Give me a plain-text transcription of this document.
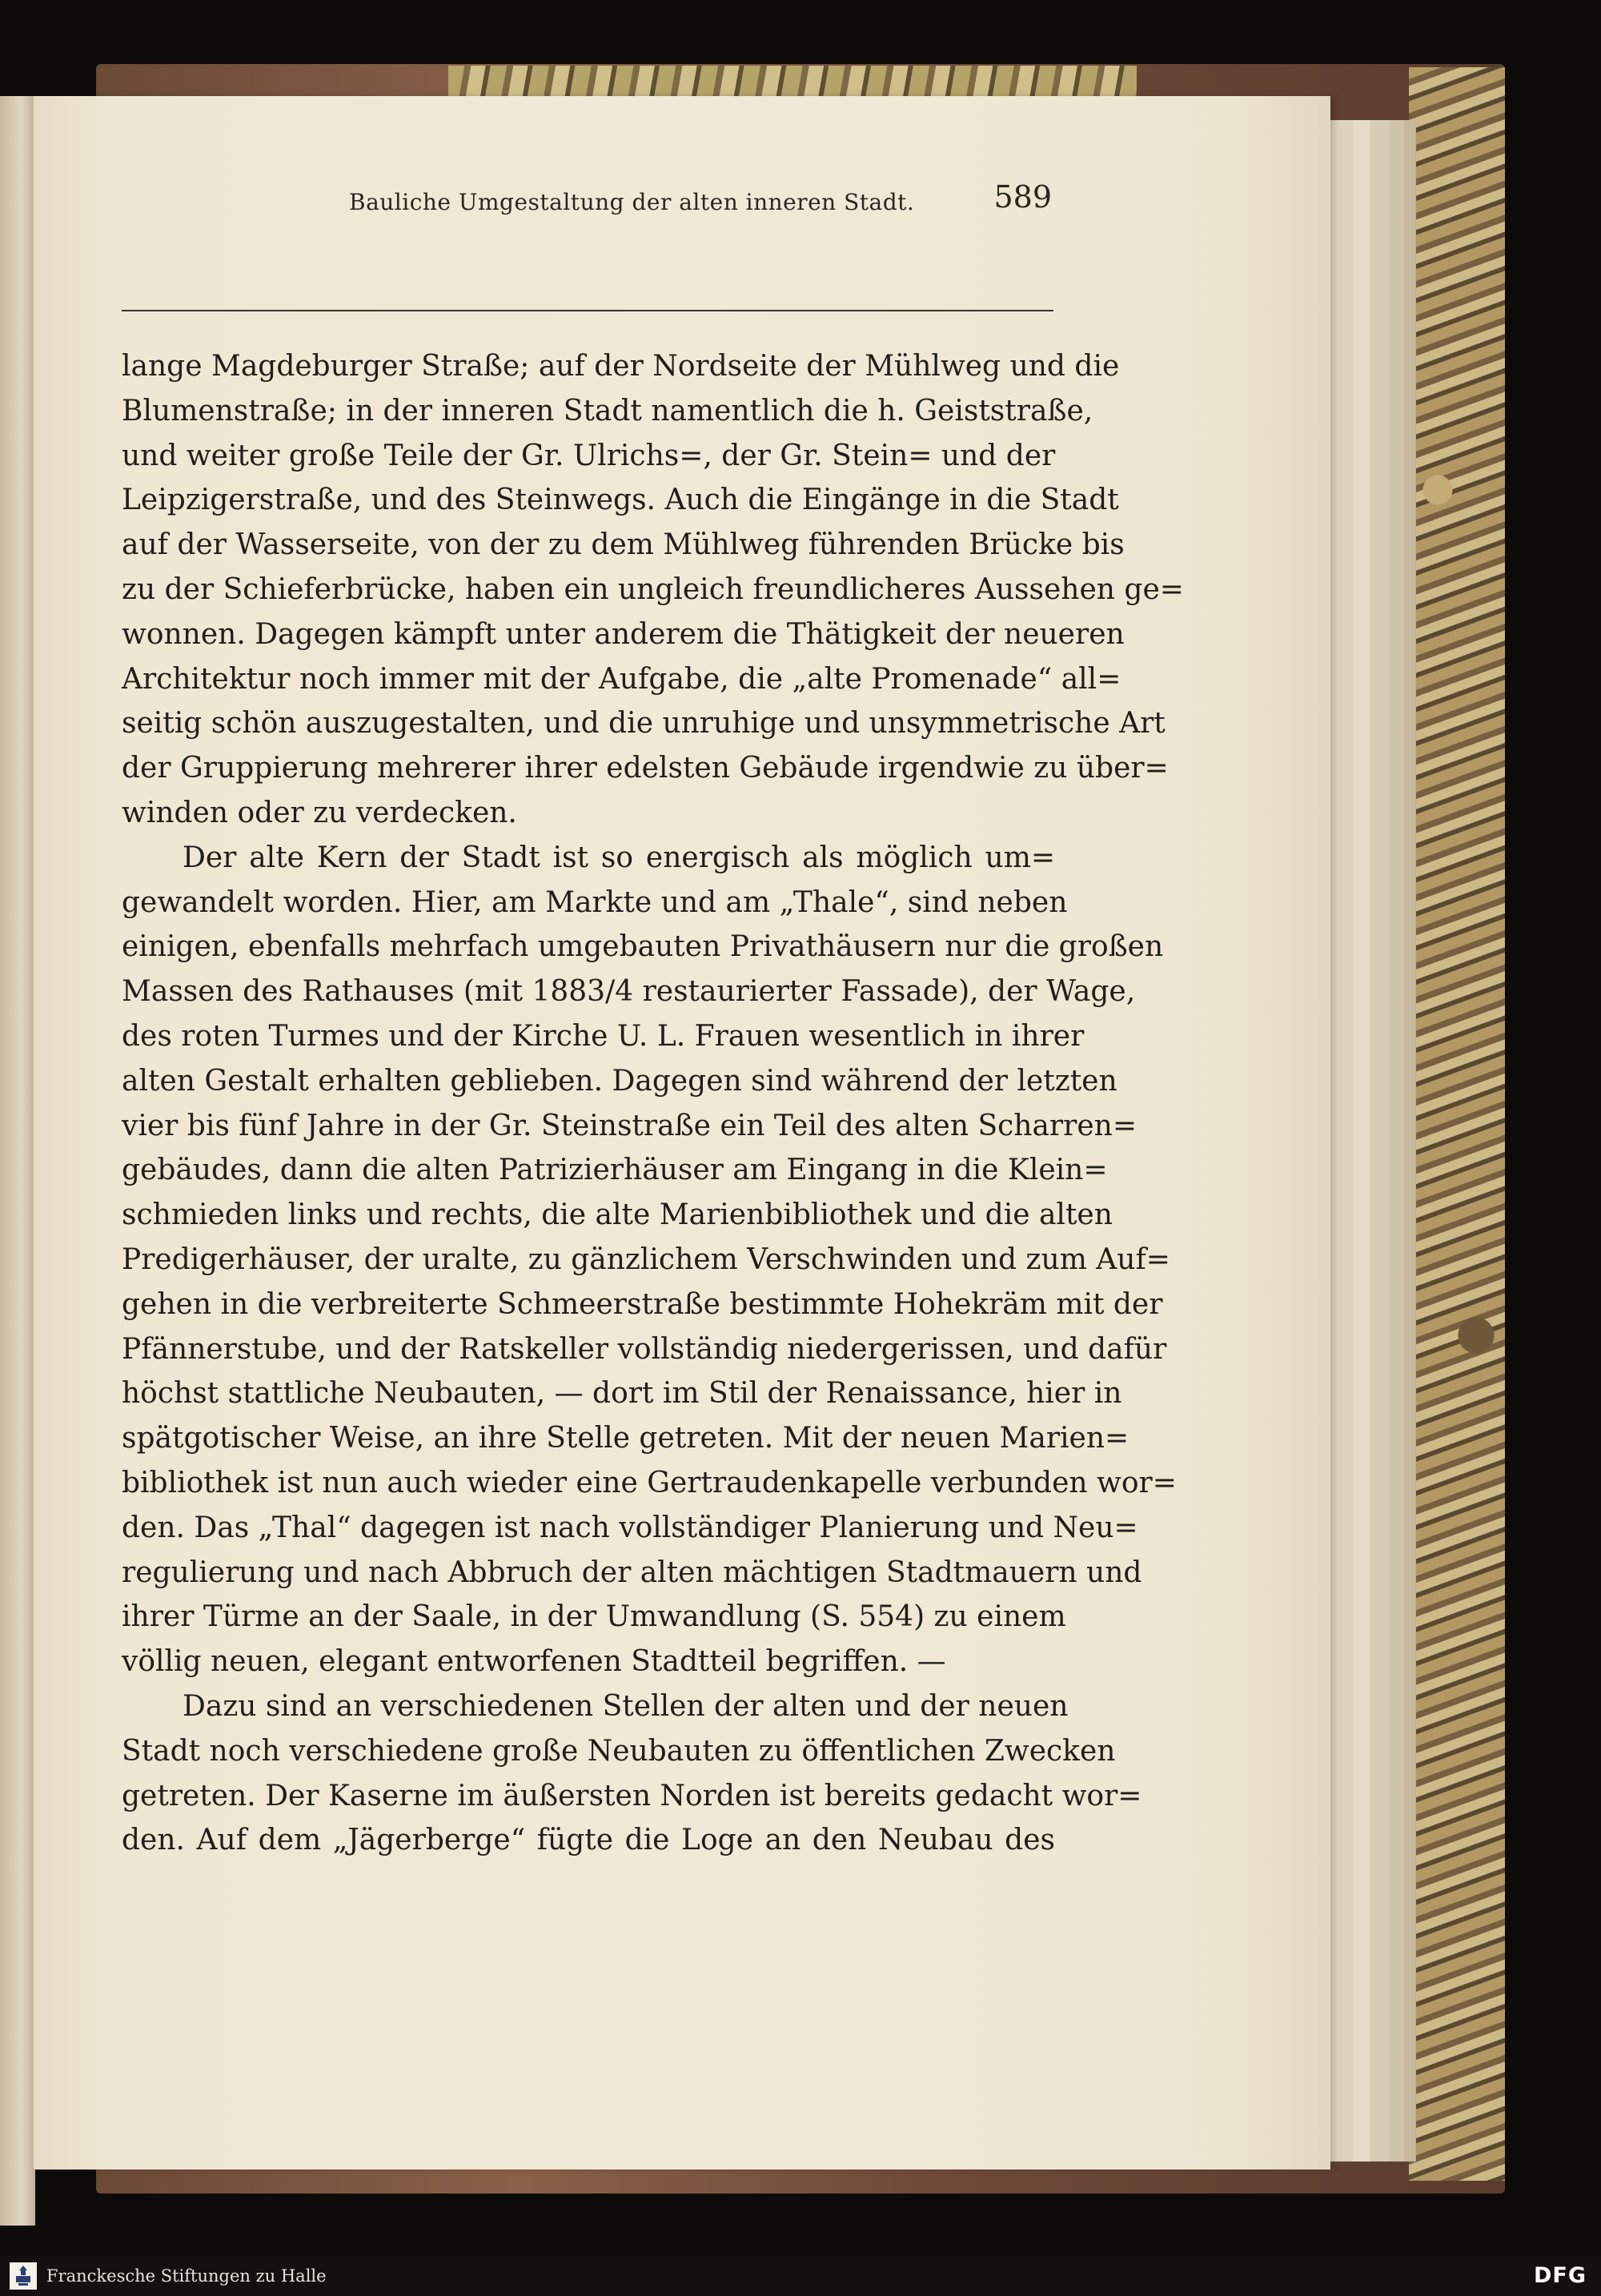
Bauliche Umgestaltung der alten inneren Stadt.	589
lange Magdeburger Straße; auf der Nordseite der Mühlweg und die
Blumenstraße; in der inneren Stadt namentlich die h. Geiststraße,
und weiter große Teile der Gr. Ulrichs=, der Gr. Stein= und der
Leipzigerstraße, und des Steinwegs. Auch die Eingänge in die Stadt
auf der Wasserseite, von der zu dem Mühlweg führenden Brücke bis
zu der Schieferbrücke, haben ein ungleich freundlicheres Aussehen ge=
wonnen. Dagegen kämpft unter anderem die Thätigkeit der neueren
Architektur noch immer mit der Aufgabe, die „alte Promenade“ all=
seitig schön auszugestalten, und die unruhige und unsymmetrische Art
der Gruppierung mehrerer ihrer edelsten Gebäude irgendwie zu über=
winden oder zu verdecken.
Der alte Kern der Stadt ist so energisch als möglich um=
gewandelt worden. Hier, am Markte und am „Thale“, sind neben
einigen, ebenfalls mehrfach umgebauten Privathäusern nur die großen
Massen des Rathauses (mit 1883/4 restaurierter Fassade), der Wage,
des roten Turmes und der Kirche U. L. Frauen wesentlich in ihrer
alten Gestalt erhalten geblieben. Dagegen sind während der letzten
vier bis fünf Jahre in der Gr. Steinstraße ein Teil des alten Scharren=
gebäudes, dann die alten Patrizierhäuser am Eingang in die Klein=
schmieden links und rechts, die alte Marienbibliothek und die alten
Predigerhäuser, der uralte, zu gänzlichem Verschwinden und zum Auf=
gehen in die verbreiterte Schmeerstraße bestimmte Hohekräm mit der
Pfännerstube, und der Ratskeller vollständig niedergerissen, und dafür
höchst stattliche Neubauten, — dort im Stil der Renaissance, hier in
spätgotischer Weise, an ihre Stelle getreten. Mit der neuen Marien=
bibliothek ist nun auch wieder eine Gertraudenkapelle verbunden wor=
den. Das „Thal“ dagegen ist nach vollständiger Planierung und Neu=
regulierung und nach Abbruch der alten mächtigen Stadtmauern und
ihrer Türme an der Saale, in der Umwandlung (S. 554) zu einem
völlig neuen, elegant entworfenen Stadtteil begriffen. —
Dazu sind an verschiedenen Stellen der alten und der neuen
Stadt noch verschiedene große Neubauten zu öffentlichen Zwecken
getreten. Der Kaserne im äußersten Norden ist bereits gedacht wor=
den. Auf dem „Jägerberge“ fügte die Loge an den Neubau des
Franckesche Stiftungen zu Halle	DFG
